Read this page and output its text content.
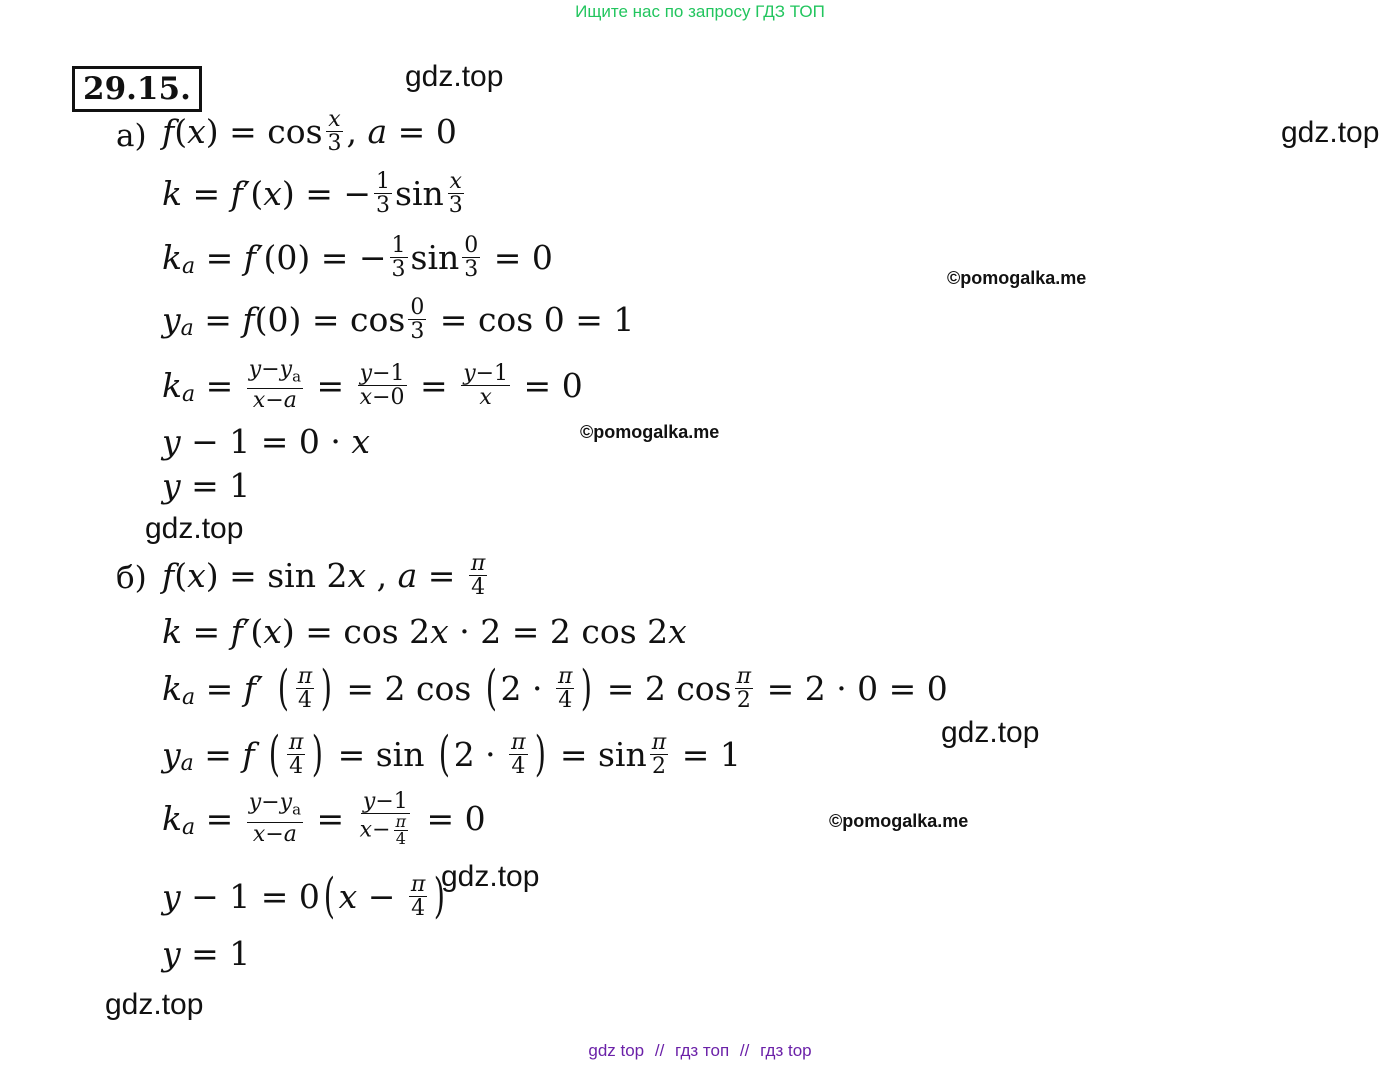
Ищите нас по запросу ГДЗ ТОП
29.15.	gdz.top
gdz.top
gdz.top
gdz.top
gdz.top
gdz.top
©pomogalka.me
©pomogalka.me
©pomogalka.me
а) f ( x ) = $\cos \frac{x}{3}$ , a = 0
k = f ′( x ) = − $\frac{1}{3}$ $\sin \frac{x}{3}$
k a = f ′(0) = − $\frac{1}{3}$ $\sin \frac{0}{3} = 0$
y a = f $(0) = \cos \frac{0}{3} = \cos 0 = 1$
k $a = \frac{y-y_a}{x-a} = \frac{y-1}{x-0} = \frac{y-1}{x} = 0$
y − 1 = 0 · x
y = 1
б) f ( x ) = sin 2 x , $a = \frac{\pi}{4}$
k = f ′( x ) = cos 2 x · 2 = 2 cos 2 x
k a = f ′ ( $\frac{\pi}{4}$ ) = 2 cos ( $2 \cdot \frac{\pi}{4}$ ) = 2 $\cos \frac{\pi}{2} = 2 \cdot 0 = 0$
y a = f
( $\frac{\pi}{4}$ ) = sin ( $2 \cdot \frac{\pi}{4}$ ) = $\sin \frac{\pi}{2} = 1$
k $a = \frac{y-y_a}{x-a} = \frac{y-1}{x- \frac{\pi}{4}} = 0$
y − 1 = 0 ( $x - \frac{\pi}{4}$ )
y = 1
gdz top // гдз топ // гдз top
